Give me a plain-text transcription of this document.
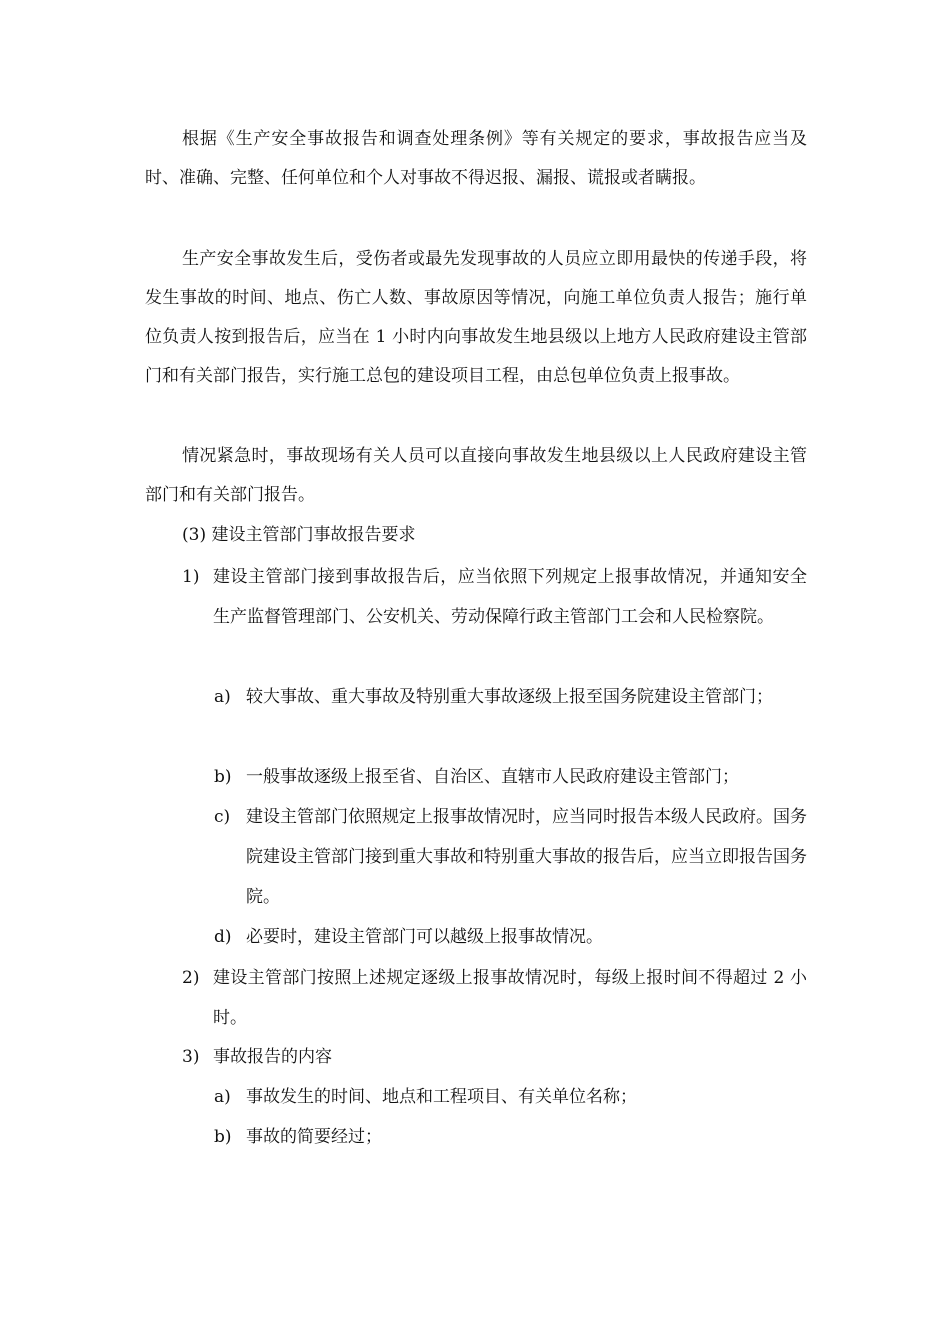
根据《生产安全事故报告和调查处理条例》等有关规定的要求，事故报告应当及时、准确、完整、任何单位和个人对事故不得迟报、漏报、谎报或者瞒报。

生产安全事故发生后，受伤者或最先发现事故的人员应立即用最快的传递手段，将发生事故的时间、地点、伤亡人数、事故原因等情况，向施工单位负责人报告；施行单位负责人按到报告后，应当在 1 小时内向事故发生地县级以上地方人民政府建设主管部门和有关部门报告，实行施工总包的建设项目工程，由总包单位负责上报事故。

情况紧急时，事故现场有关人员可以直接向事故发生地县级以上人民政府建设主管部门和有关部门报告。

(3) 建设主管部门事故报告要求

1) 建设主管部门接到事故报告后，应当依照下列规定上报事故情况，并通知安全生产监督管理部门、公安机关、劳动保障行政主管部门工会和人民检察院。
a) 较大事故、重大事故及特别重大事故逐级上报至国务院建设主管部门；
b) 一般事故逐级上报至省、自治区、直辖市人民政府建设主管部门；
c) 建设主管部门依照规定上报事故情况时，应当同时报告本级人民政府。国务院建设主管部门接到重大事故和特别重大事故的报告后，应当立即报告国务院。
d) 必要时，建设主管部门可以越级上报事故情况。
2) 建设主管部门按照上述规定逐级上报事故情况时，每级上报时间不得超过 2 小时。
3) 事故报告的内容
a) 事故发生的时间、地点和工程项目、有关单位名称；
b) 事故的简要经过；
